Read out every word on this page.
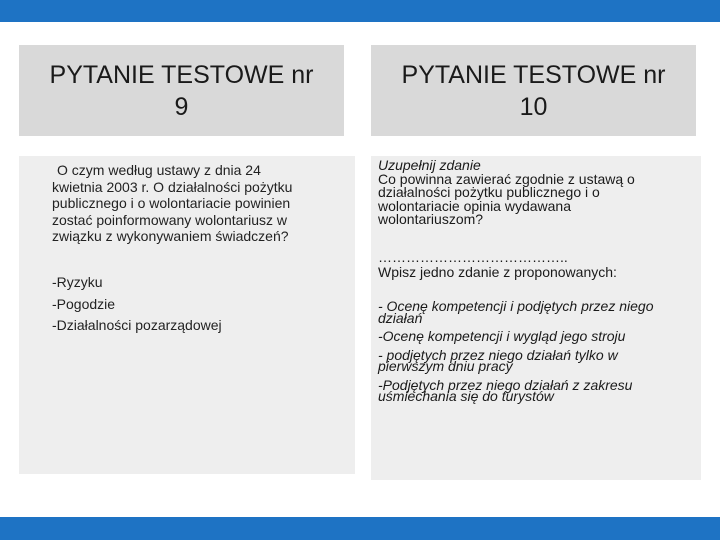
PYTANIE TESTOWE nr
9
PYTANIE TESTOWE nr
10
O czym według ustawy z dnia 24
kwietnia 2003 r. O działalności pożytku
publicznego i o wolontariacie powinien
zostać poinformowany wolontariusz w
związku z wykonywaniem świadczeń?
-Ryzyku
-Pogodzie
-Działalności pozarządowej
Uzupełnij zdanie
Co powinna zawierać zgodnie z ustawą o
działalności pożytku publicznego i o
wolontariacie opinia wydawana
wolontariuszom?
…………………………………..
Wpisz jedno zdanie z proponowanych:
- Ocenę kompetencji i podjętych przez niego
działań
-Ocenę kompetencji i wygląd jego stroju
- podjętych przez niego działań tylko w
pierwszym dniu pracy
-Podjętych przez niego działań z zakresu
uśmiechania się do turystów
